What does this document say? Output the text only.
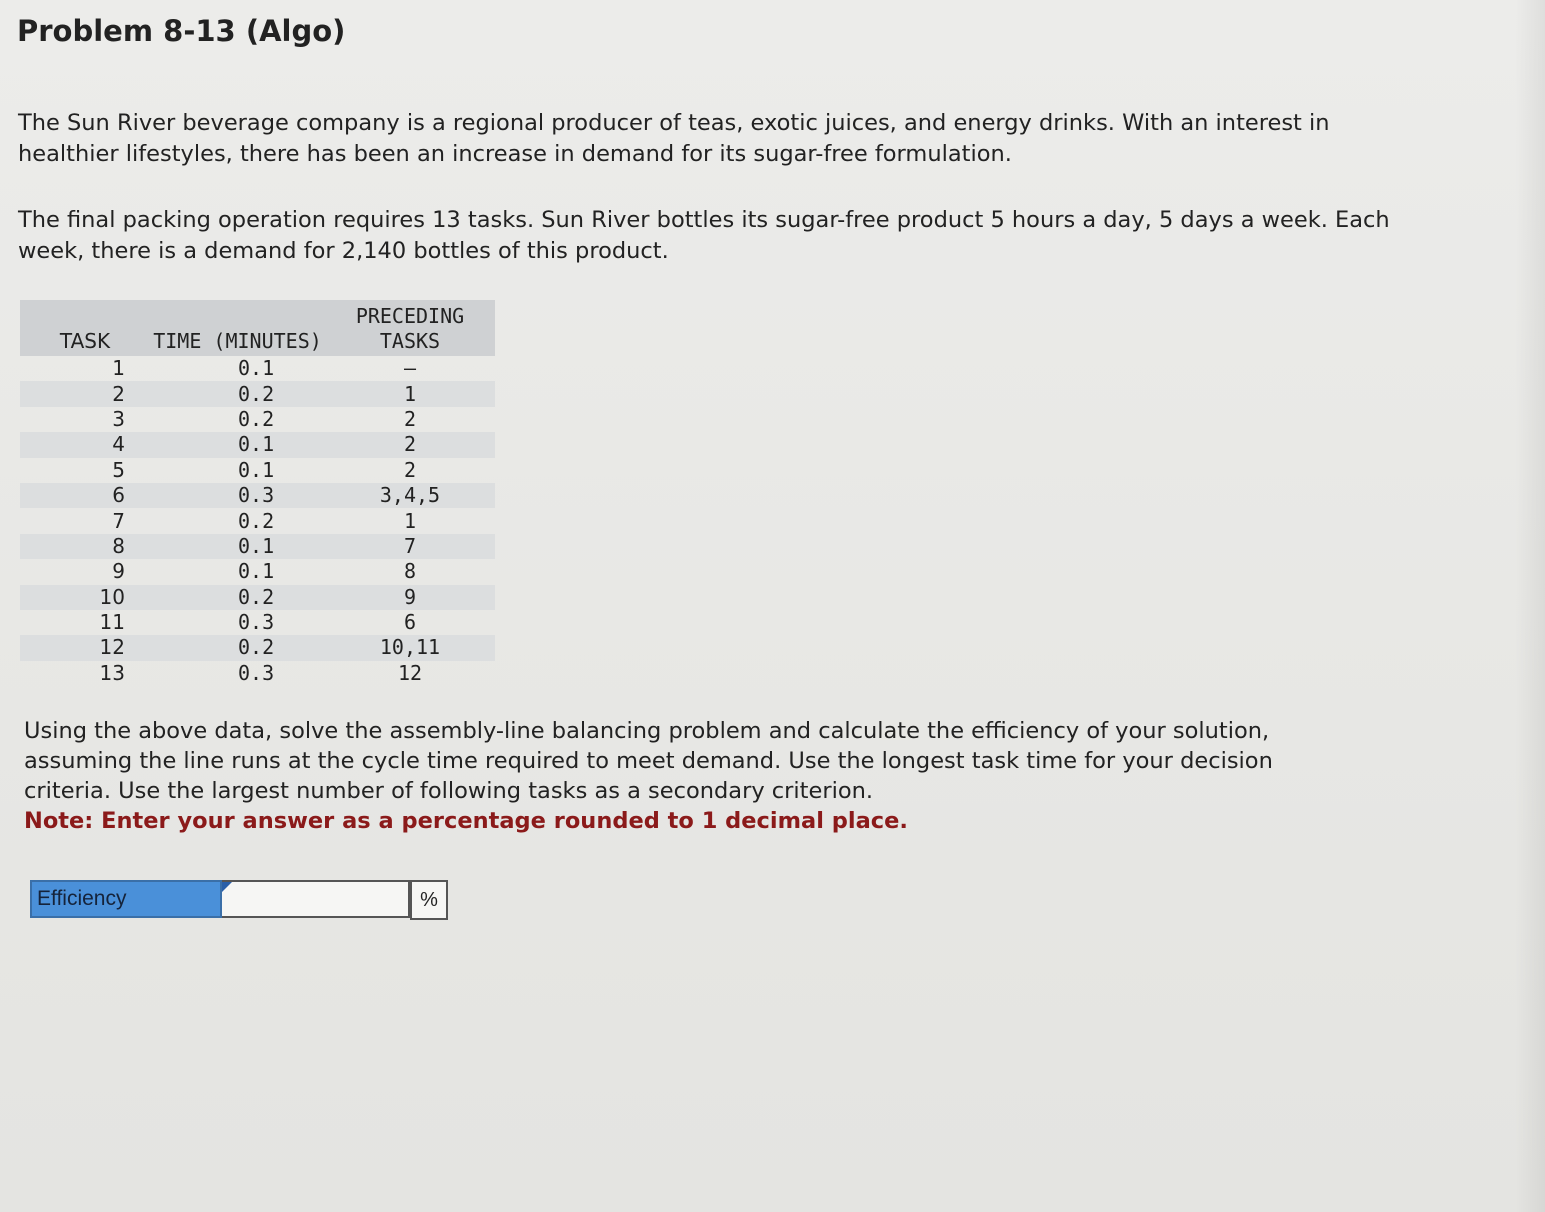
Problem 8-13 (Algo)

The Sun River beverage company is a regional producer of teas, exotic juices, and energy drinks. With an interest in healthier lifestyles, there has been an increase in demand for its sugar-free formulation.

The final packing operation requires 13 tasks. Sun River bottles its sugar-free product 5 hours a day, 5 days a week. Each week, there is a demand for 2,140 bottles of this product.

TASK	TIME (MINUTES)	PRECEDING
TASKS

1	0.1	—
2	0.2	1
3	0.2	2
4	0.1	2
5	0.1	2
6	0.3	3,4,5
7	0.2	1
8	0.1	7
9	0.1	8
10	0.2	9
11	0.3	6
12	0.2	10,11
13	0.3	12

Using the above data, solve the assembly-line balancing problem and calculate the efficiency of your solution, assuming the line runs at the cycle time required to meet demand. Use the longest task time for your decision criteria. Use the largest number of following tasks as a secondary criterion.
Note: Enter your answer as a percentage rounded to 1 decimal place.

Efficiency	%
